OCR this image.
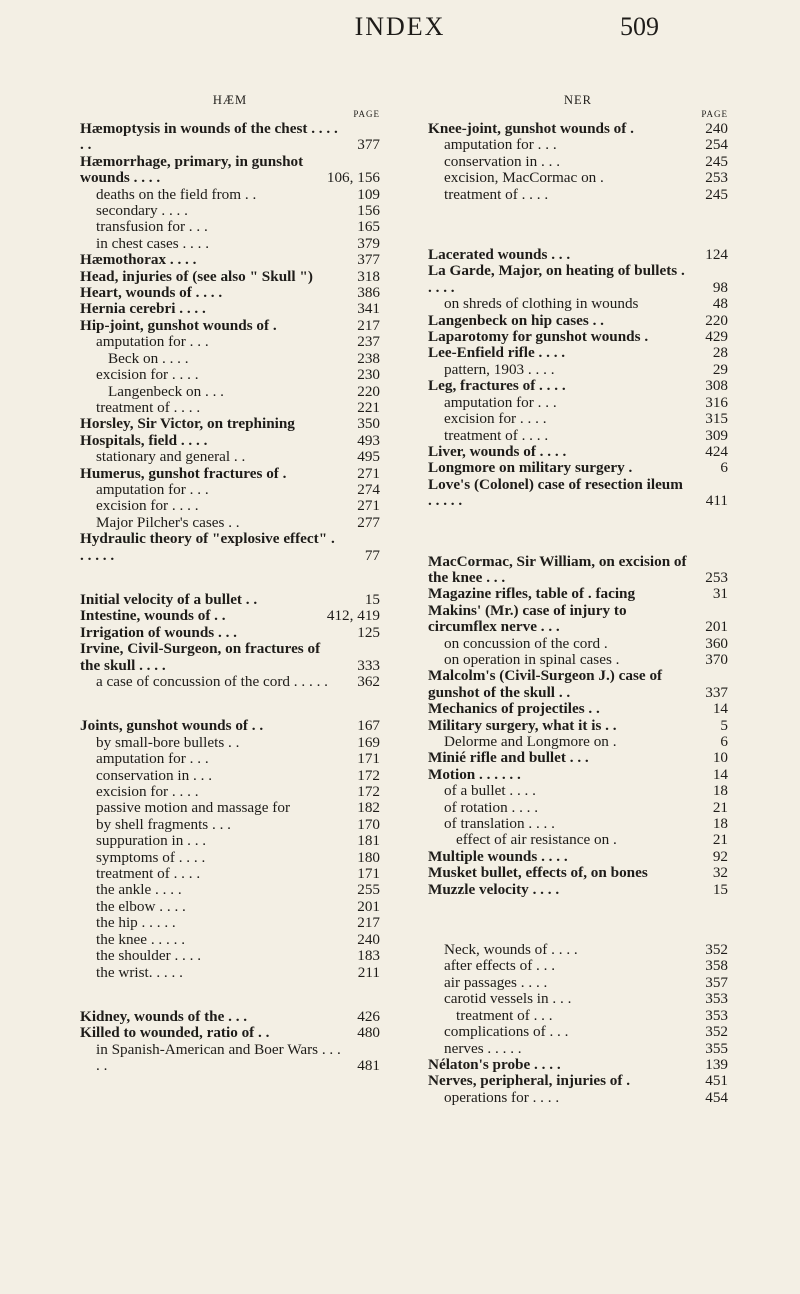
INDEX	509
HÆM
PAGE
Hæmoptysis in wounds of the chest . . . . . .	377
Hæmorrhage, primary, in gunshot wounds . . . .	106, 156
deaths on the field from . .	109
secondary . . . .	156
transfusion for . . .	165
in chest cases . . . .	379
Hæmothorax . . . .	377
Head, injuries of (see also " Skull ")	318
Heart, wounds of . . . .	386
Hernia cerebri . . . .	341
Hip-joint, gunshot wounds of .	217
amputation for . . .	237
Beck on . . . .	238
excision for . . . .	230
Langenbeck on . . .	220
treatment of . . . .	221
Horsley, Sir Victor, on trephining	350
Hospitals, field . . . .	493
stationary and general . .	495
Humerus, gunshot fractures of .	271
amputation for . . .	274
excision for . . . .	271
Major Pilcher's cases . .	277
Hydraulic theory of "explosive effect" . . . . . .	77
Initial velocity of a bullet . .	15
Intestine, wounds of . .	412, 419
Irrigation of wounds . . .	125
Irvine, Civil-Surgeon, on fractures of the skull . . . .	333
a case of concussion of the cord . . . . .	362
Joints, gunshot wounds of . .	167
by small-bore bullets . .	169
amputation for . . .	171
conservation in . . .	172
excision for . . . .	172
passive motion and massage for	182
by shell fragments . . .	170
suppuration in . . .	181
symptoms of . . . .	180
treatment of . . . .	171
the ankle . . . .	255
the elbow . . . .	201
the hip . . . . .	217
the knee . . . . .	240
the shoulder . . . .	183
the wrist. . . . .	211
Kidney, wounds of the . . .	426
Killed to wounded, ratio of . .	480
in Spanish-American and Boer Wars . . . . .	481
NER
PAGE
Knee-joint, gunshot wounds of .	240
amputation for . . .	254
conservation in . . .	245
excision, MacCormac on .	253
treatment of . . . .	245
Lacerated wounds . . .	124
La Garde, Major, on heating of bullets . . . . .	98
on shreds of clothing in wounds	48
Langenbeck on hip cases . .	220
Laparotomy for gunshot wounds .	429
Lee-Enfield rifle . . . .	28
pattern, 1903 . . . .	29
Leg, fractures of . . . .	308
amputation for . . .	316
excision for . . . .	315
treatment of . . . .	309
Liver, wounds of . . . .	424
Longmore on military surgery .	6
Love's (Colonel) case of resection ileum . . . . .	411
MacCormac, Sir William, on excision of the knee . . .	253
Magazine rifles, table of . facing	31
Makins' (Mr.) case of injury to circumflex nerve . . .	201
on concussion of the cord .	360
on operation in spinal cases .	370
Malcolm's (Civil-Surgeon J.) case of gunshot of the skull . .	337
Mechanics of projectiles . .	14
Military surgery, what it is . .	5
Delorme and Longmore on .	6
Minié rifle and bullet . . .	10
Motion . . . . . .	14
of a bullet . . . .	18
of rotation . . . .	21
of translation . . . .	18
effect of air resistance on .	21
Multiple wounds . . . .	92
Musket bullet, effects of, on bones	32
Muzzle velocity . . . .	15
Neck, wounds of . . . .	352
after effects of . . .	358
air passages . . . .	357
carotid vessels in . . .	353
treatment of . . .	353
complications of . . .	352
nerves . . . . .	355
Nélaton's probe . . . .	139
Nerves, peripheral, injuries of .	451
operations for . . . .	454
